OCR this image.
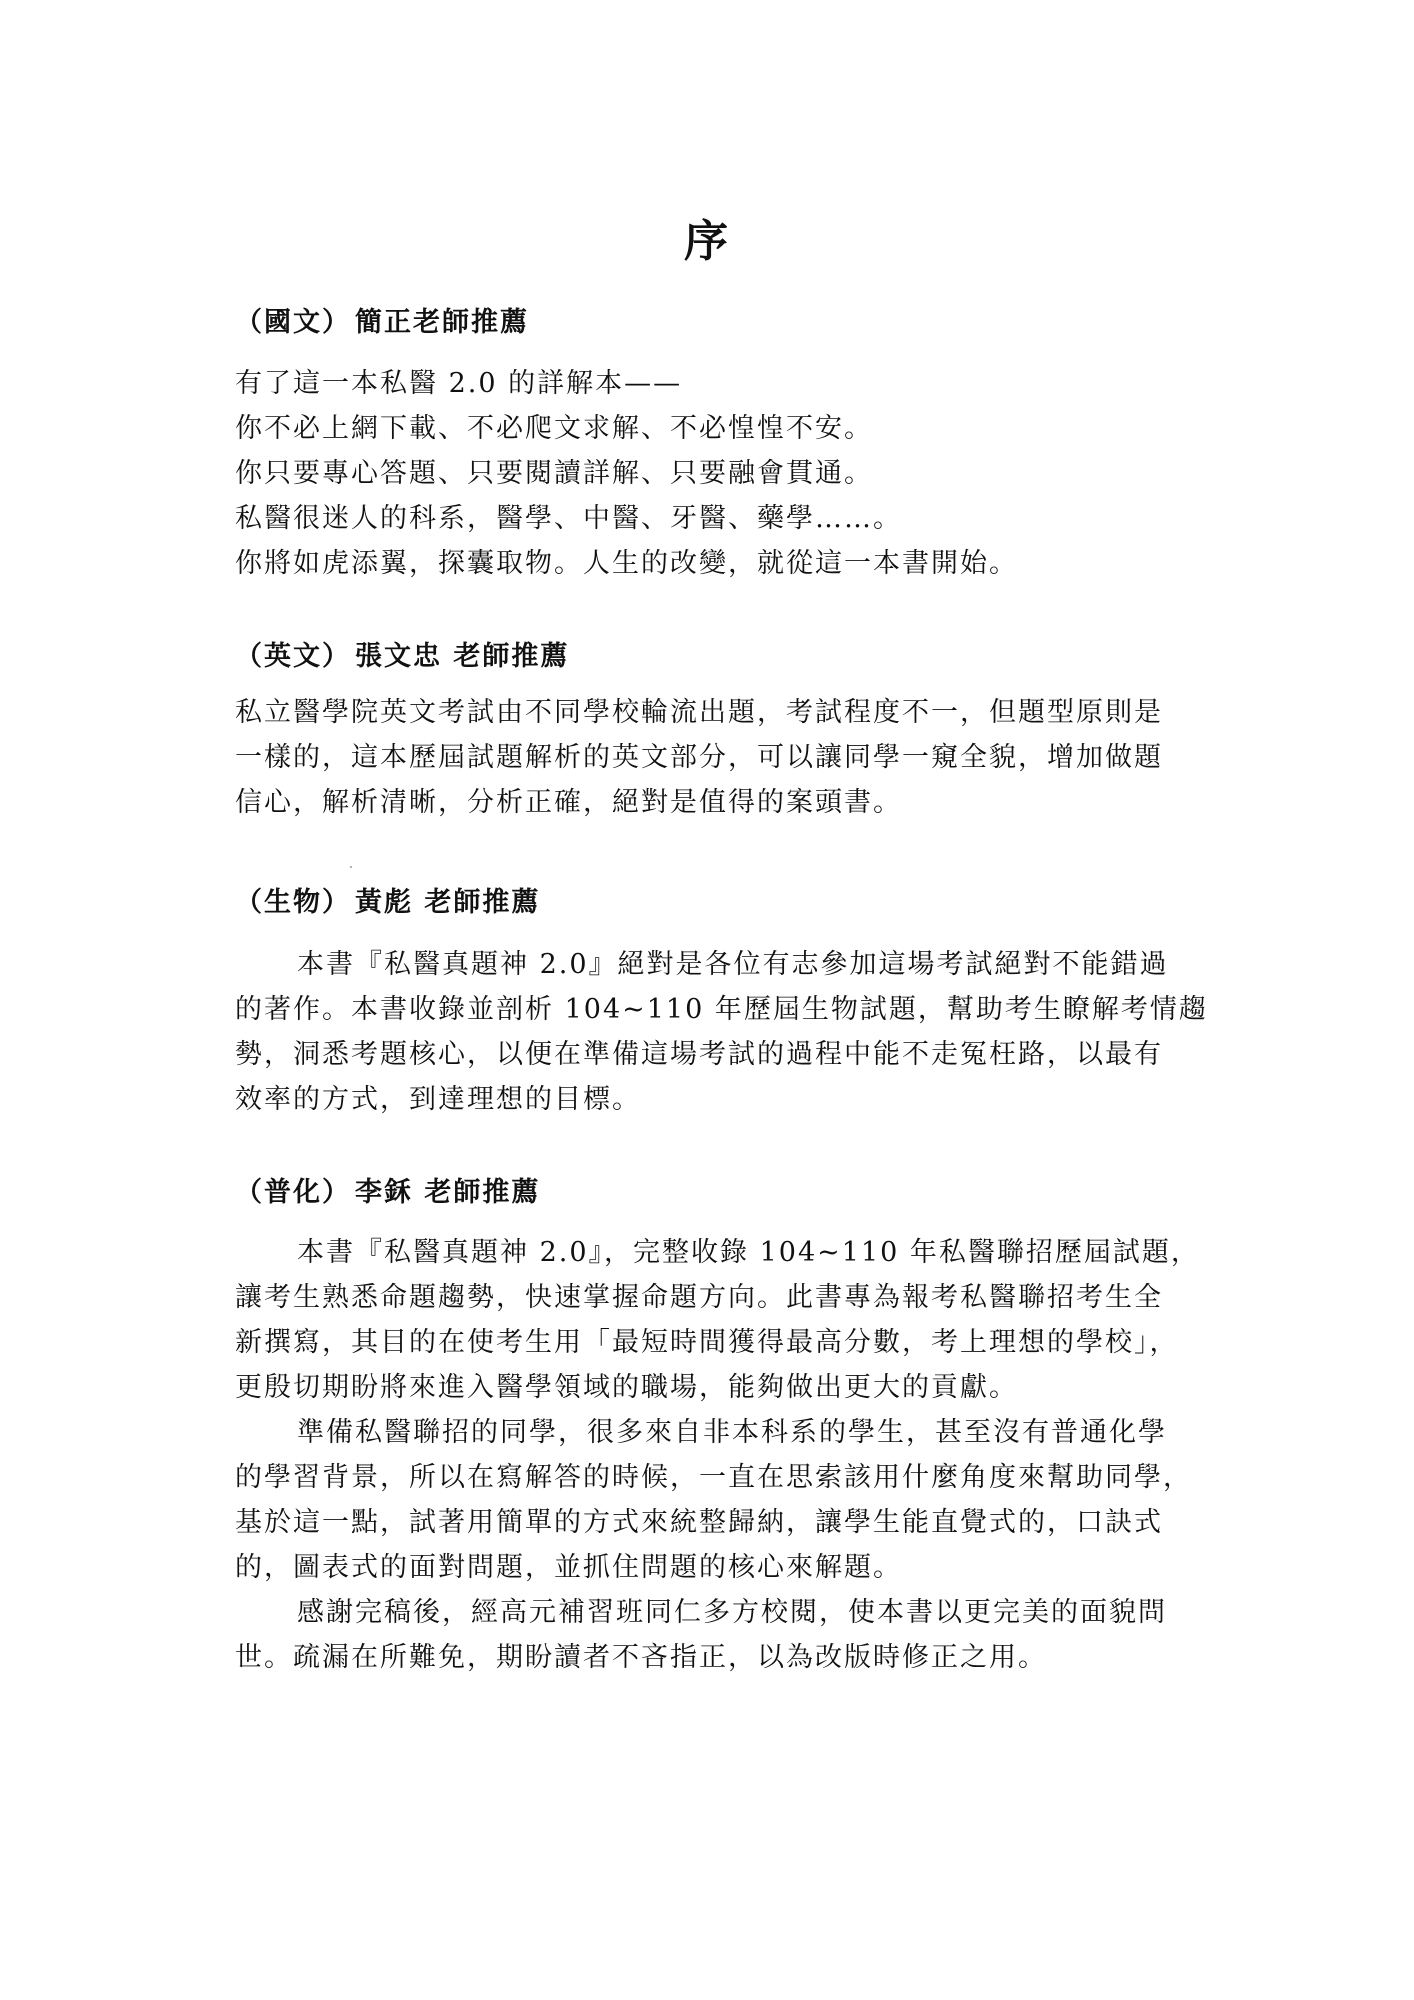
序
（國文） 簡正老師推薦
有了這一本私醫 2.0 的詳解本——
你不必上網下載、不必爬文求解、不必惶惶不安。
你只要專心答題、只要閱讀詳解、只要融會貫通。
私醫很迷人的科系，醫學、中醫、牙醫、藥學……。
你將如虎添翼，探囊取物。人生的改變，就從這一本書開始。
（英文） 張文忠 老師推薦
私立醫學院英文考試由不同學校輪流出題，考試程度不一，但題型原則是
一樣的，這本歷屆試題解析的英文部分，可以讓同學一窺全貌，增加做題
信心，解析清晰，分析正確，絕對是值得的案頭書。
（生物） 黃彪 老師推薦
本書『私醫真題神 2.0』絕對是各位有志參加這場考試絕對不能錯過
的著作。本書收錄並剖析 104~110 年歷屆生物試題，幫助考生瞭解考情趨
勢，洞悉考題核心，以便在準備這場考試的過程中能不走冤枉路，以最有
效率的方式，到達理想的目標。
（普化） 李鉌 老師推薦
本書『私醫真題神 2.0』，完整收錄 104~110 年私醫聯招歷屆試題，
讓考生熟悉命題趨勢，快速掌握命題方向。此書專為報考私醫聯招考生全
新撰寫，其目的在使考生用「最短時間獲得最高分數，考上理想的學校」，
更殷切期盼將來進入醫學領域的職場，能夠做出更大的貢獻。
準備私醫聯招的同學，很多來自非本科系的學生，甚至沒有普通化學
的學習背景，所以在寫解答的時候，一直在思索該用什麼角度來幫助同學，
基於這一點，試著用簡單的方式來統整歸納，讓學生能直覺式的，口訣式
的，圖表式的面對問題，並抓住問題的核心來解題。
感謝完稿後，經高元補習班同仁多方校閱，使本書以更完美的面貌問
世。疏漏在所難免，期盼讀者不吝指正，以為改版時修正之用。
